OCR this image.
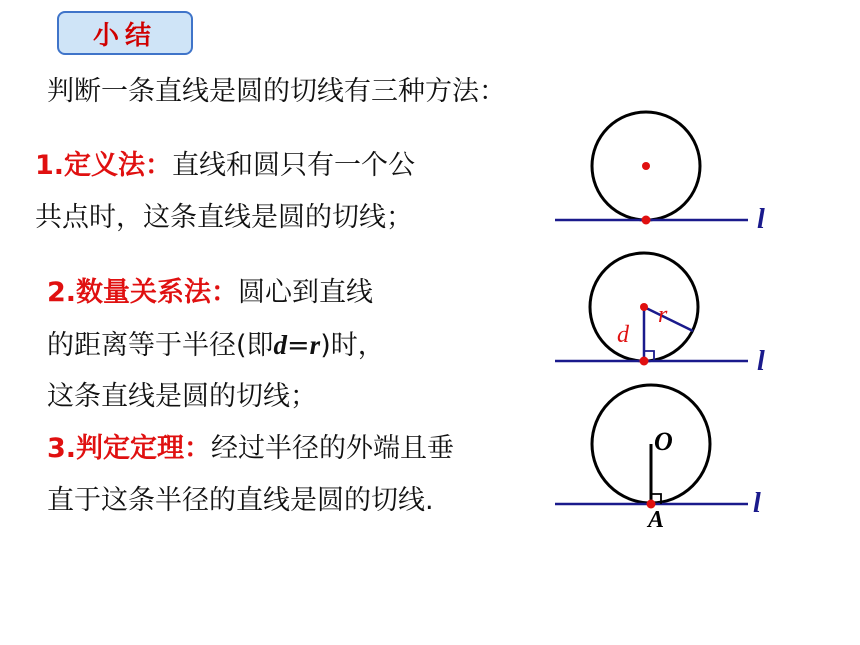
小结
判断一条直线是圆的切线有三种方法：
1.定义法：直线和圆只有一个公
共点时，这条直线是圆的切线；
2.数量关系法：圆心到直线
的距离等于半径(即d=r)时，
这条直线是圆的切线；
3.判定定理：经过半径的外端且垂
直于这条半径的直线是圆的切线.
l
r
d
l
O
A
l
